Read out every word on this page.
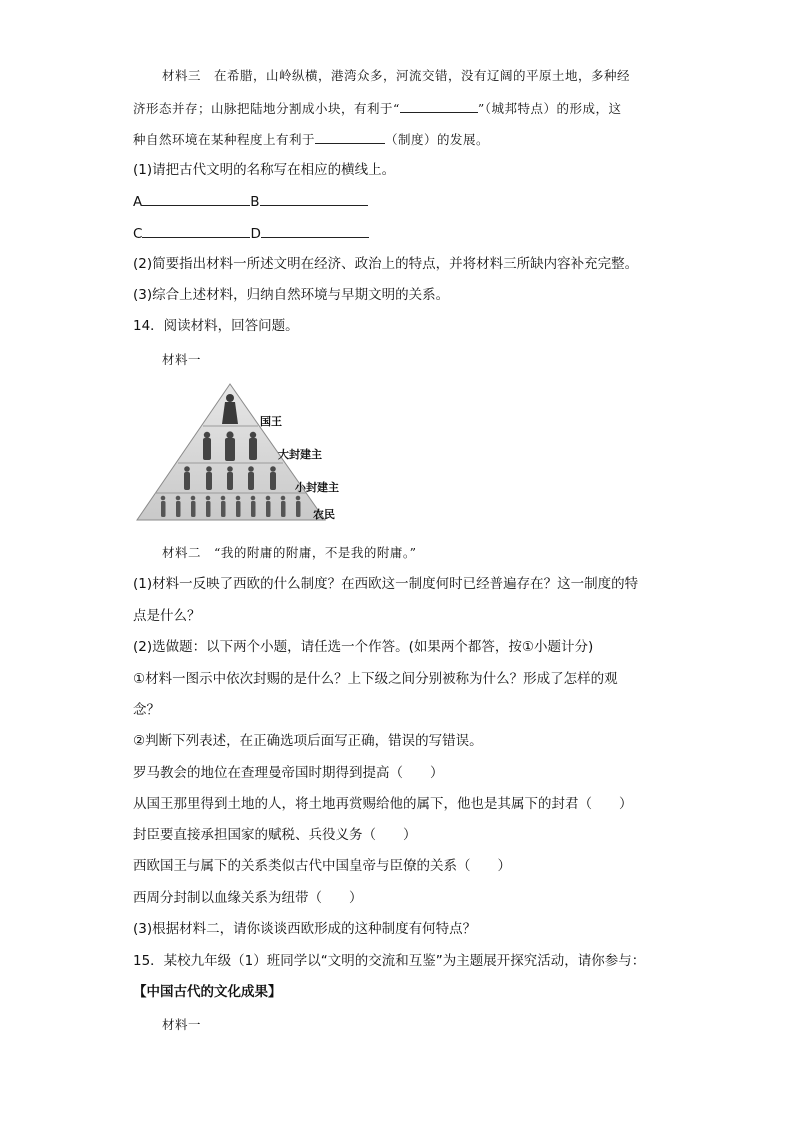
材料三　在希腊，山岭纵横，港湾众多，河流交错，没有辽阔的平原土地，多种经
济形态并存；山脉把陆地分割成小块，有利于“	”（城邦特点）的形成，这
种自然环境在某种程度上有利于	（制度）的发展。
(1)请把古代文明的名称写在相应的横线上。
A	B
C	D
(2)简要指出材料一所述文明在经济、政治上的特点，并将材料三所缺内容补充完整。
(3)综合上述材料，归纳自然环境与早期文明的关系。
14．阅读材料，回答问题。
材料一
国王
大封建主
小封建主
农民
材料二　“我的附庸的附庸，不是我的附庸。”
(1)材料一反映了西欧的什么制度？在西欧这一制度何时已经普遍存在？这一制度的特
点是什么？
(2)选做题：以下两个小题，请任选一个作答。(如果两个都答，按①小题计分)
①材料一图示中依次封赐的是什么？上下级之间分别被称为什么？形成了怎样的观
念？
②判断下列表述，在正确选项后面写正确，错误的写错误。
罗马教会的地位在查理曼帝国时期得到提高（　　）
从国王那里得到土地的人，将土地再赏赐给他的属下，他也是其属下的封君（　　）
封臣要直接承担国家的赋税、兵役义务（　　）
西欧国王与属下的关系类似古代中国皇帝与臣僚的关系（　　）
西周分封制以血缘关系为纽带（　　）
(3)根据材料二，请你谈谈西欧形成的这种制度有何特点？
15．某校九年级（1）班同学以“文明的交流和互鉴”为主题展开探究活动，请你参与：
【中国古代的文化成果】
材料一
